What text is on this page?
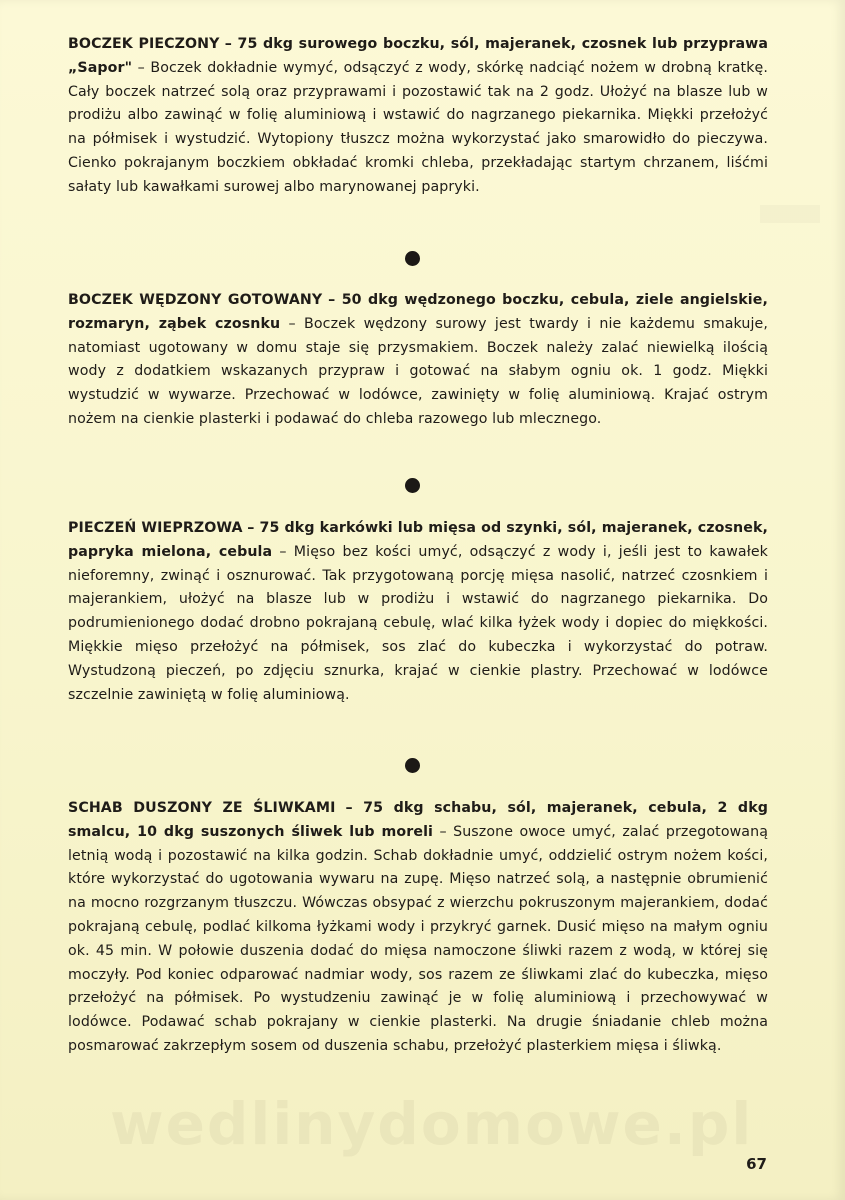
BOCZEK PIECZONY – 75 dkg surowego boczku, sól, majeranek, czosnek lub przyprawa „Sapor" – Boczek dokładnie wymyć, odsączyć z wody, skórkę nadciąć nożem w drobną kratkę. Cały boczek natrzeć solą oraz przyprawami i pozostawić tak na 2 godz. Ułożyć na blasze lub w prodiżu albo zawinąć w folię aluminiową i wstawić do nagrzanego piekarnika. Miękki przełożyć na półmisek i wystudzić. Wytopiony tłuszcz można wykorzystać jako smarowidło do pieczywa. Cienko pokrajanym boczkiem obkładać kromki chleba, przekładając startym chrzanem, liśćmi sałaty lub kawałkami surowej albo marynowanej papryki.
BOCZEK WĘDZONY GOTOWANY – 50 dkg wędzonego boczku, cebula, ziele angielskie, rozmaryn, ząbek czosnku – Boczek wędzony surowy jest twardy i nie każdemu smakuje, natomiast ugotowany w domu staje się przysmakiem. Boczek należy zalać niewielką ilością wody z dodatkiem wskazanych przypraw i gotować na słabym ogniu ok. 1 godz. Miękki wystudzić w wywarze. Przechować w lodówce, zawinięty w folię aluminiową. Krajać ostrym nożem na cienkie plasterki i podawać do chleba razowego lub mlecznego.
PIECZEŃ WIEPRZOWA – 75 dkg karkówki lub mięsa od szynki, sól, majeranek, czosnek, papryka mielona, cebula – Mięso bez kości umyć, odsączyć z wody i, jeśli jest to kawałek nieforemny, zwinąć i osznurować. Tak przygotowaną porcję mięsa nasolić, natrzeć czosnkiem i majerankiem, ułożyć na blasze lub w prodiżu i wstawić do nagrzanego piekarnika. Do podrumienionego dodać drobno pokrajaną cebulę, wlać kilka łyżek wody i dopiec do miękkości. Miękkie mięso przełożyć na półmisek, sos zlać do kubeczka i wykorzystać do potraw. Wystudzoną pieczeń, po zdjęciu sznurka, krajać w cienkie plastry. Przechować w lodówce szczelnie zawiniętą w folię aluminiową.
SCHAB DUSZONY ZE ŚLIWKAMI – 75 dkg schabu, sól, majeranek, cebula, 2 dkg smalcu, 10 dkg suszonych śliwek lub moreli – Suszone owoce umyć, zalać przegotowaną letnią wodą i pozostawić na kilka godzin. Schab dokładnie umyć, oddzielić ostrym nożem kości, które wykorzystać do ugotowania wywaru na zupę. Mięso natrzeć solą, a następnie obrumienić na mocno rozgrzanym tłuszczu. Wówczas obsypać z wierzchu pokruszonym majerankiem, dodać pokrajaną cebulę, podlać kilkoma łyżkami wody i przykryć garnek. Dusić mięso na małym ogniu ok. 45 min. W połowie duszenia dodać do mięsa namoczone śliwki razem z wodą, w której się moczyły. Pod koniec odparować nadmiar wody, sos razem ze śliwkami zlać do kubeczka, mięso przełożyć na półmisek. Po wystudzeniu zawinąć je w folię aluminiową i przechowywać w lodówce. Podawać schab pokrajany w cienkie plasterki. Na drugie śniadanie chleb można posmarować zakrzepłym sosem od duszenia schabu, przełożyć plasterkiem mięsa i śliwką.
wedlinydomowe.pl
67
